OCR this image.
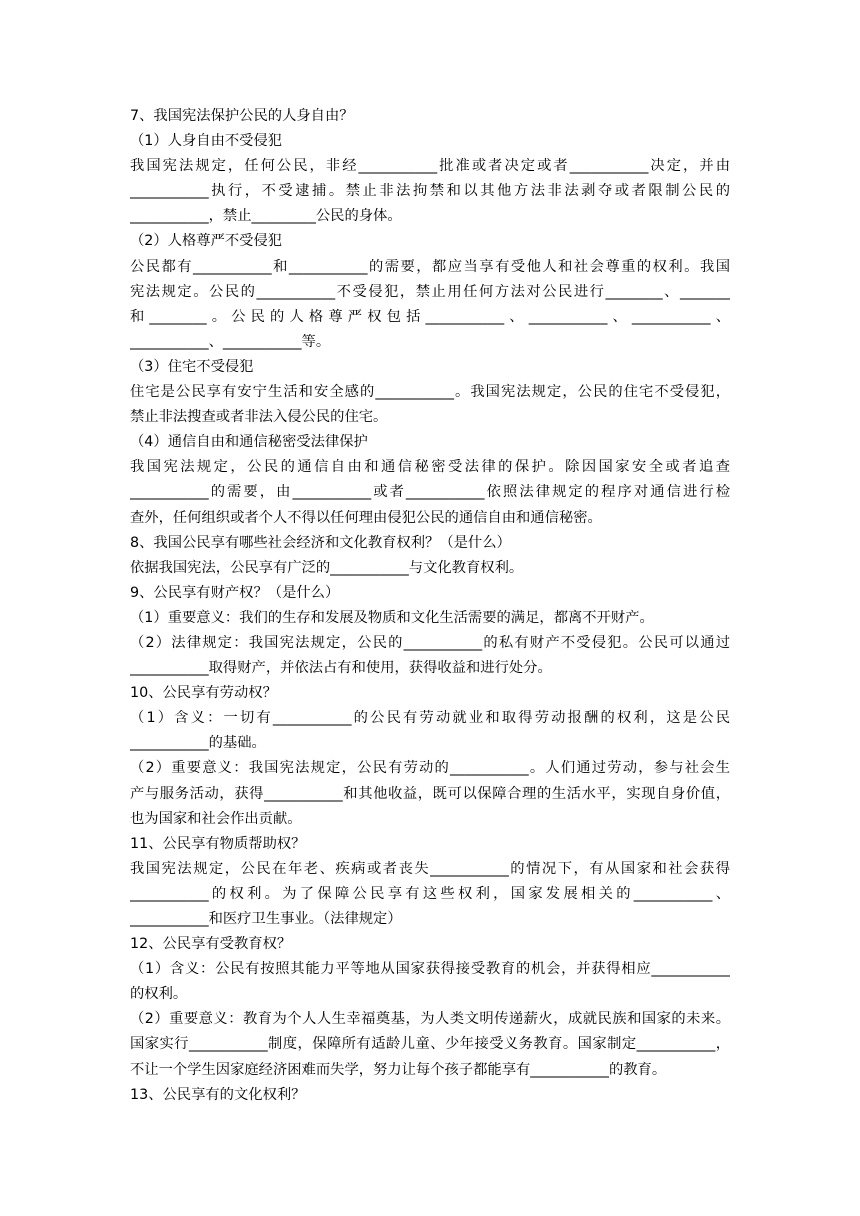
7、我国宪法保护公民的人身自由？
（1）人身自由不受侵犯
我国宪法规定，任何公民，非经___________批准或者决定或者___________决定，并由
___________执行，不受逮捕。禁止非法拘禁和以其他方法非法剥夺或者限制公民的
___________，禁止_________公民的身体。
（2）人格尊严不受侵犯
公民都有___________和___________的需要，都应当享有受他人和社会尊重的权利。我国
宪法规定。公民的___________不受侵犯，禁止用任何方法对公民进行________、_______
和________。公民的人格尊严权包括___________、___________、___________、
___________、___________等。
（3）住宅不受侵犯
住宅是公民享有安宁生活和安全感的___________。我国宪法规定，公民的住宅不受侵犯，
禁止非法搜查或者非法入侵公民的住宅。
（4）通信自由和通信秘密受法律保护
我国宪法规定，公民的通信自由和通信秘密受法律的保护。除因国家安全或者追查
___________的需要，由___________或者___________依照法律规定的程序对通信进行检
查外，任何组织或者个人不得以任何理由侵犯公民的通信自由和通信秘密。
8、我国公民享有哪些社会经济和文化教育权利？（是什么）
依据我国宪法，公民享有广泛的___________与文化教育权利。
9、公民享有财产权？（是什么）
（1）重要意义：我们的生存和发展及物质和文化生活需要的满足，都离不开财产。
（2）法律规定：我国宪法规定，公民的___________的私有财产不受侵犯。公民可以通过
___________取得财产，并依法占有和使用，获得收益和进行处分。
10、公民享有劳动权？
（1）含义：一切有___________的公民有劳动就业和取得劳动报酬的权利，这是公民
___________的基础。
（2）重要意义：我国宪法规定，公民有劳动的___________。人们通过劳动，参与社会生
产与服务活动，获得___________和其他收益，既可以保障合理的生活水平，实现自身价值，
也为国家和社会作出贡献。
11、公民享有物质帮助权？
我国宪法规定，公民在年老、疾病或者丧失___________的情况下，有从国家和社会获得
___________的权利。为了保障公民享有这些权利，国家发展相关的___________、
___________和医疗卫生事业。（法律规定）
12、公民享有受教育权？
（1）含义：公民有按照其能力平等地从国家获得接受教育的机会，并获得相应___________
的权利。
（2）重要意义：教育为个人人生幸福奠基，为人类文明传递薪火，成就民族和国家的未来。
国家实行___________制度，保障所有适龄儿童、少年接受义务教育。国家制定___________，
不让一个学生因家庭经济困难而失学，努力让每个孩子都能享有___________的教育。
13、公民享有的文化权利？
